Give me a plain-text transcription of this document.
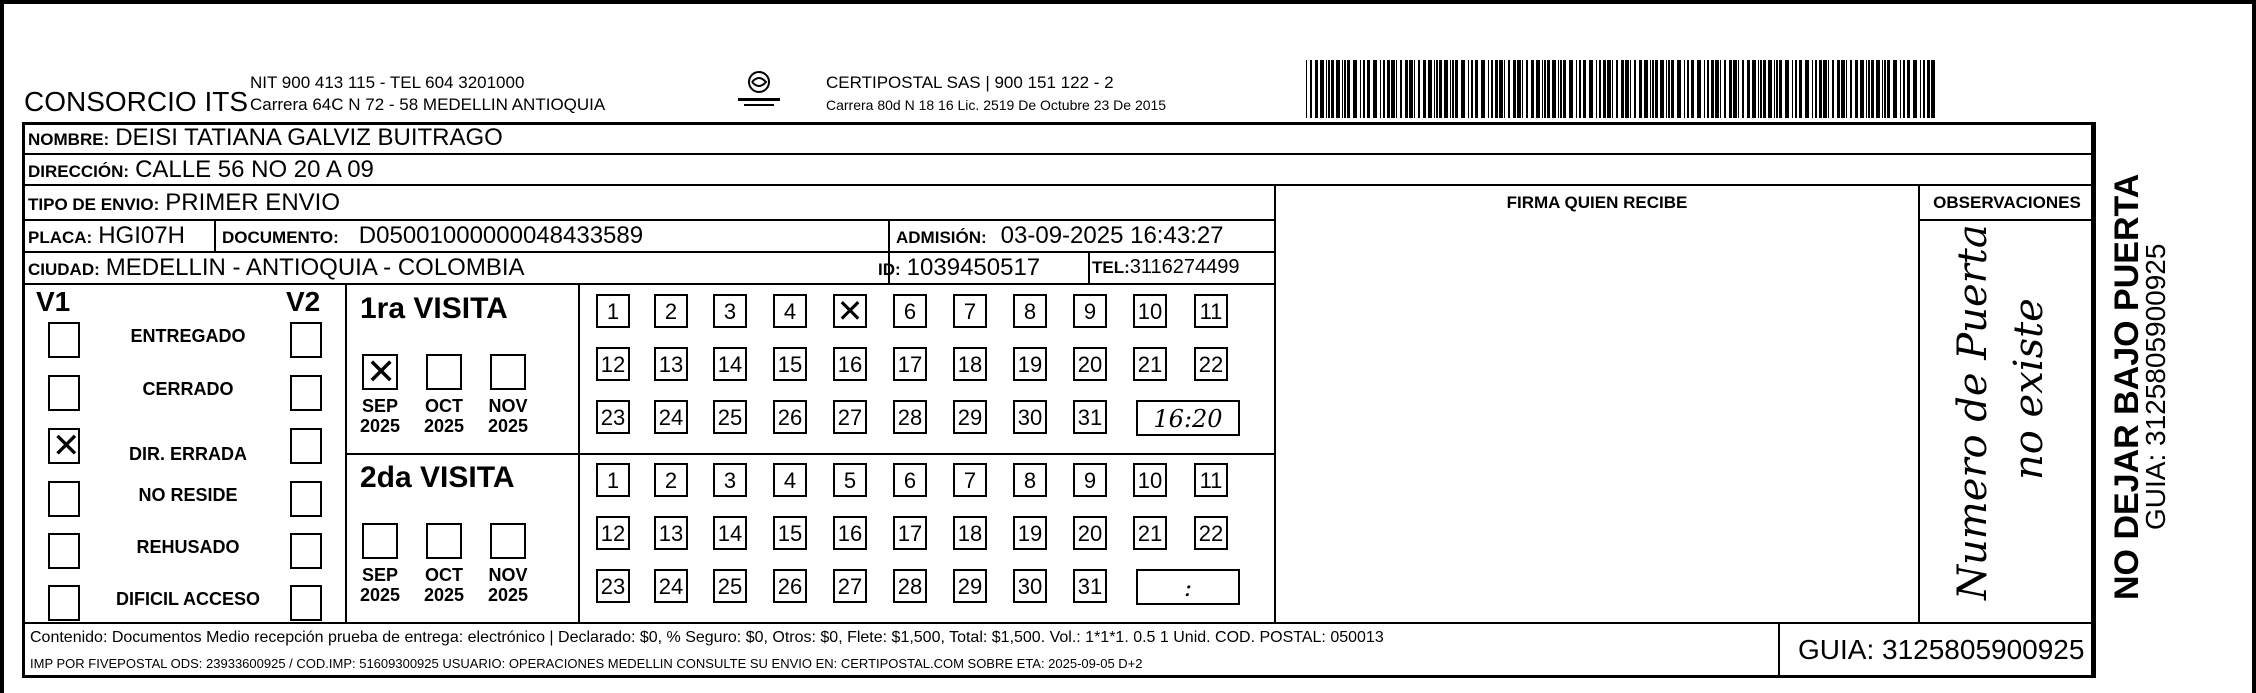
CONSORCIO ITS
NIT 900 413 115 - TEL 604 3201000
Carrera 64C N 72 - 58 MEDELLIN ANTIOQUIA
CERTIPOSTAL SAS | 900 151 122 - 2
Carrera 80d N 18 16 Lic. 2519 De Octubre 23 De 2015
NOMBRE: DEISI TATIANA GALVIZ BUITRAGO
DIRECCIÓN: CALLE 56 NO 20 A 09
TIPO DE ENVIO: PRIMER ENVIO
PLACA: HGI07H DOCUMENTO: D05001000000048433589	ADMISIÓN: 03-09-2025 16:43:27
CIUDAD: MEDELLIN - ANTIOQUIA - COLOMBIA	ID: 1039450517	TEL: 3116274499
FIRMA QUIEN RECIBE	OBSERVACIONES
Numero de Puerta no existe
V1	V2
ENTREGADO
CERRADO
✕
DIR. ERRADA
NO RESIDE
REHUSADO
DIFICIL ACCESO
1ra VISITA
✕
SEP
2025
OCT
2025
NOV
2025
1	2	3	4
✕	6	7	8	9	10 11
12 13 14 15 16 17 18 19 20 21 22
23 24 25 26 27 28 29 30 31	16:20
2da VISITA
SEP
2025
OCT
2025
NOV
2025
1	2	3	4	5	6	7	8	9	10 11
12 13 14 15 16 17 18 19 20 21 22
23 24 25 26 27 28 29 30 31	:
Contenido: Documentos Medio recepción prueba de entrega: electrónico | Declarado: $0, % Seguro: $0, Otros: $0, Flete: $1,500, Total: $1,500. Vol.: 1*1*1. 0.5 1 Unid. COD. POSTAL: 050013
IMP POR FIVEPOSTAL ODS: 23933600925 / COD.IMP: 51609300925 USUARIO: OPERACIONES MEDELLIN CONSULTE SU ENVIO EN: CERTIPOSTAL.COM SOBRE ETA: 2025-09-05 D+2	GUIA: 3125805900925
NO DEJAR BAJO PUERTA
GUIA: 3125805900925
